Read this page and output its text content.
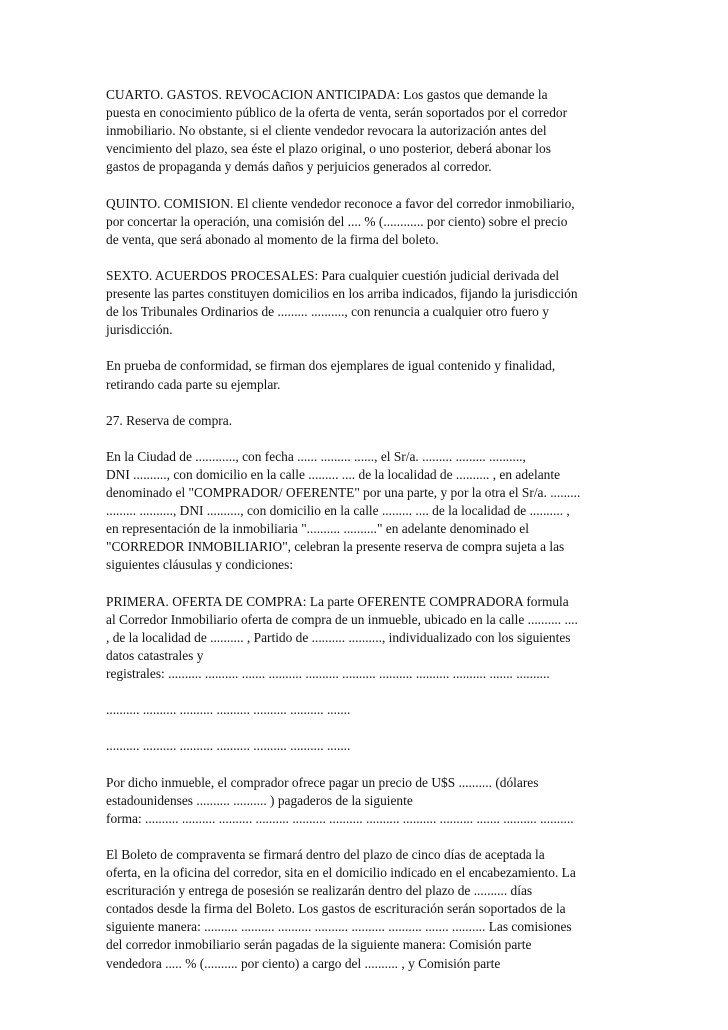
CUARTO. GASTOS. REVOCACION ANTICIPADA: Los gastos que demande la
puesta en conocimiento público de la oferta de venta, serán soportados por el corredor
inmobiliario. No obstante, si el cliente vendedor revocara la autorización antes del
vencimiento del plazo, sea éste el plazo original, o uno posterior, deberá abonar los
gastos de propaganda y demás daños y perjuicios generados al corredor.
QUINTO. COMISION. El cliente vendedor reconoce a favor del corredor inmobiliario,
por concertar la operación, una comisión del .... % (............ por ciento) sobre el precio
de venta, que será abonado al momento de la firma del boleto.
SEXTO. ACUERDOS PROCESALES: Para cualquier cuestión judicial derivada del
presente las partes constituyen domicilios en los arriba indicados, fijando la jurisdicción
de los Tribunales Ordinarios de ......... .........., con renuncia a cualquier otro fuero y
jurisdicción.
En prueba de conformidad, se firman dos ejemplares de igual contenido y finalidad,
retirando cada parte su ejemplar.
27. Reserva de compra.
En la Ciudad de ............, con fecha ...... ......... ......, el Sr/a. ......... ......... ..........,
DNI .........., con domicilio en la calle ......... .... de la localidad de .......... , en adelante
denominado el "COMPRADOR/ OFERENTE" por una parte, y por la otra el Sr/a. .........
......... .........., DNI .........., con domicilio en la calle ......... .... de la localidad de .......... ,
en representación de la inmobiliaria ".......... .........." en adelante denominado el
"CORREDOR INMOBILIARIO", celebran la presente reserva de compra sujeta a las
siguientes cláusulas y condiciones:
PRIMERA. OFERTA DE COMPRA: La parte OFERENTE COMPRADORA formula
al Corredor Inmobiliario oferta de compra de un inmueble, ubicado en la calle .......... ....
, de la localidad de .......... , Partido de .......... .........., individualizado con los siguientes
datos catastrales y
registrales: .......... .......... ....... .......... .......... .......... .......... .......... .......... ....... ..........
.......... .......... .......... .......... .......... .......... .......
.......... .......... .......... .......... .......... .......... .......
Por dicho inmueble, el comprador ofrece pagar un precio de U$S .......... (dólares
estadounidenses .......... .......... ) pagaderos de la siguiente
forma: .......... .......... .......... .......... .......... .......... .......... .......... .......... ....... .......... ..........
El Boleto de compraventa se firmará dentro del plazo de cinco días de aceptada la
oferta, en la oficina del corredor, sita en el domicilio indicado en el encabezamiento. La
escrituración y entrega de posesión se realizarán dentro del plazo de .......... días
contados desde la firma del Boleto. Los gastos de escrituración serán soportados de la
siguiente manera: .......... .......... .......... .......... .......... .......... ....... .......... Las comisiones
del corredor inmobiliario serán pagadas de la siguiente manera: Comisión parte
vendedora ..... % (.......... por ciento) a cargo del .......... , y Comisión parte
